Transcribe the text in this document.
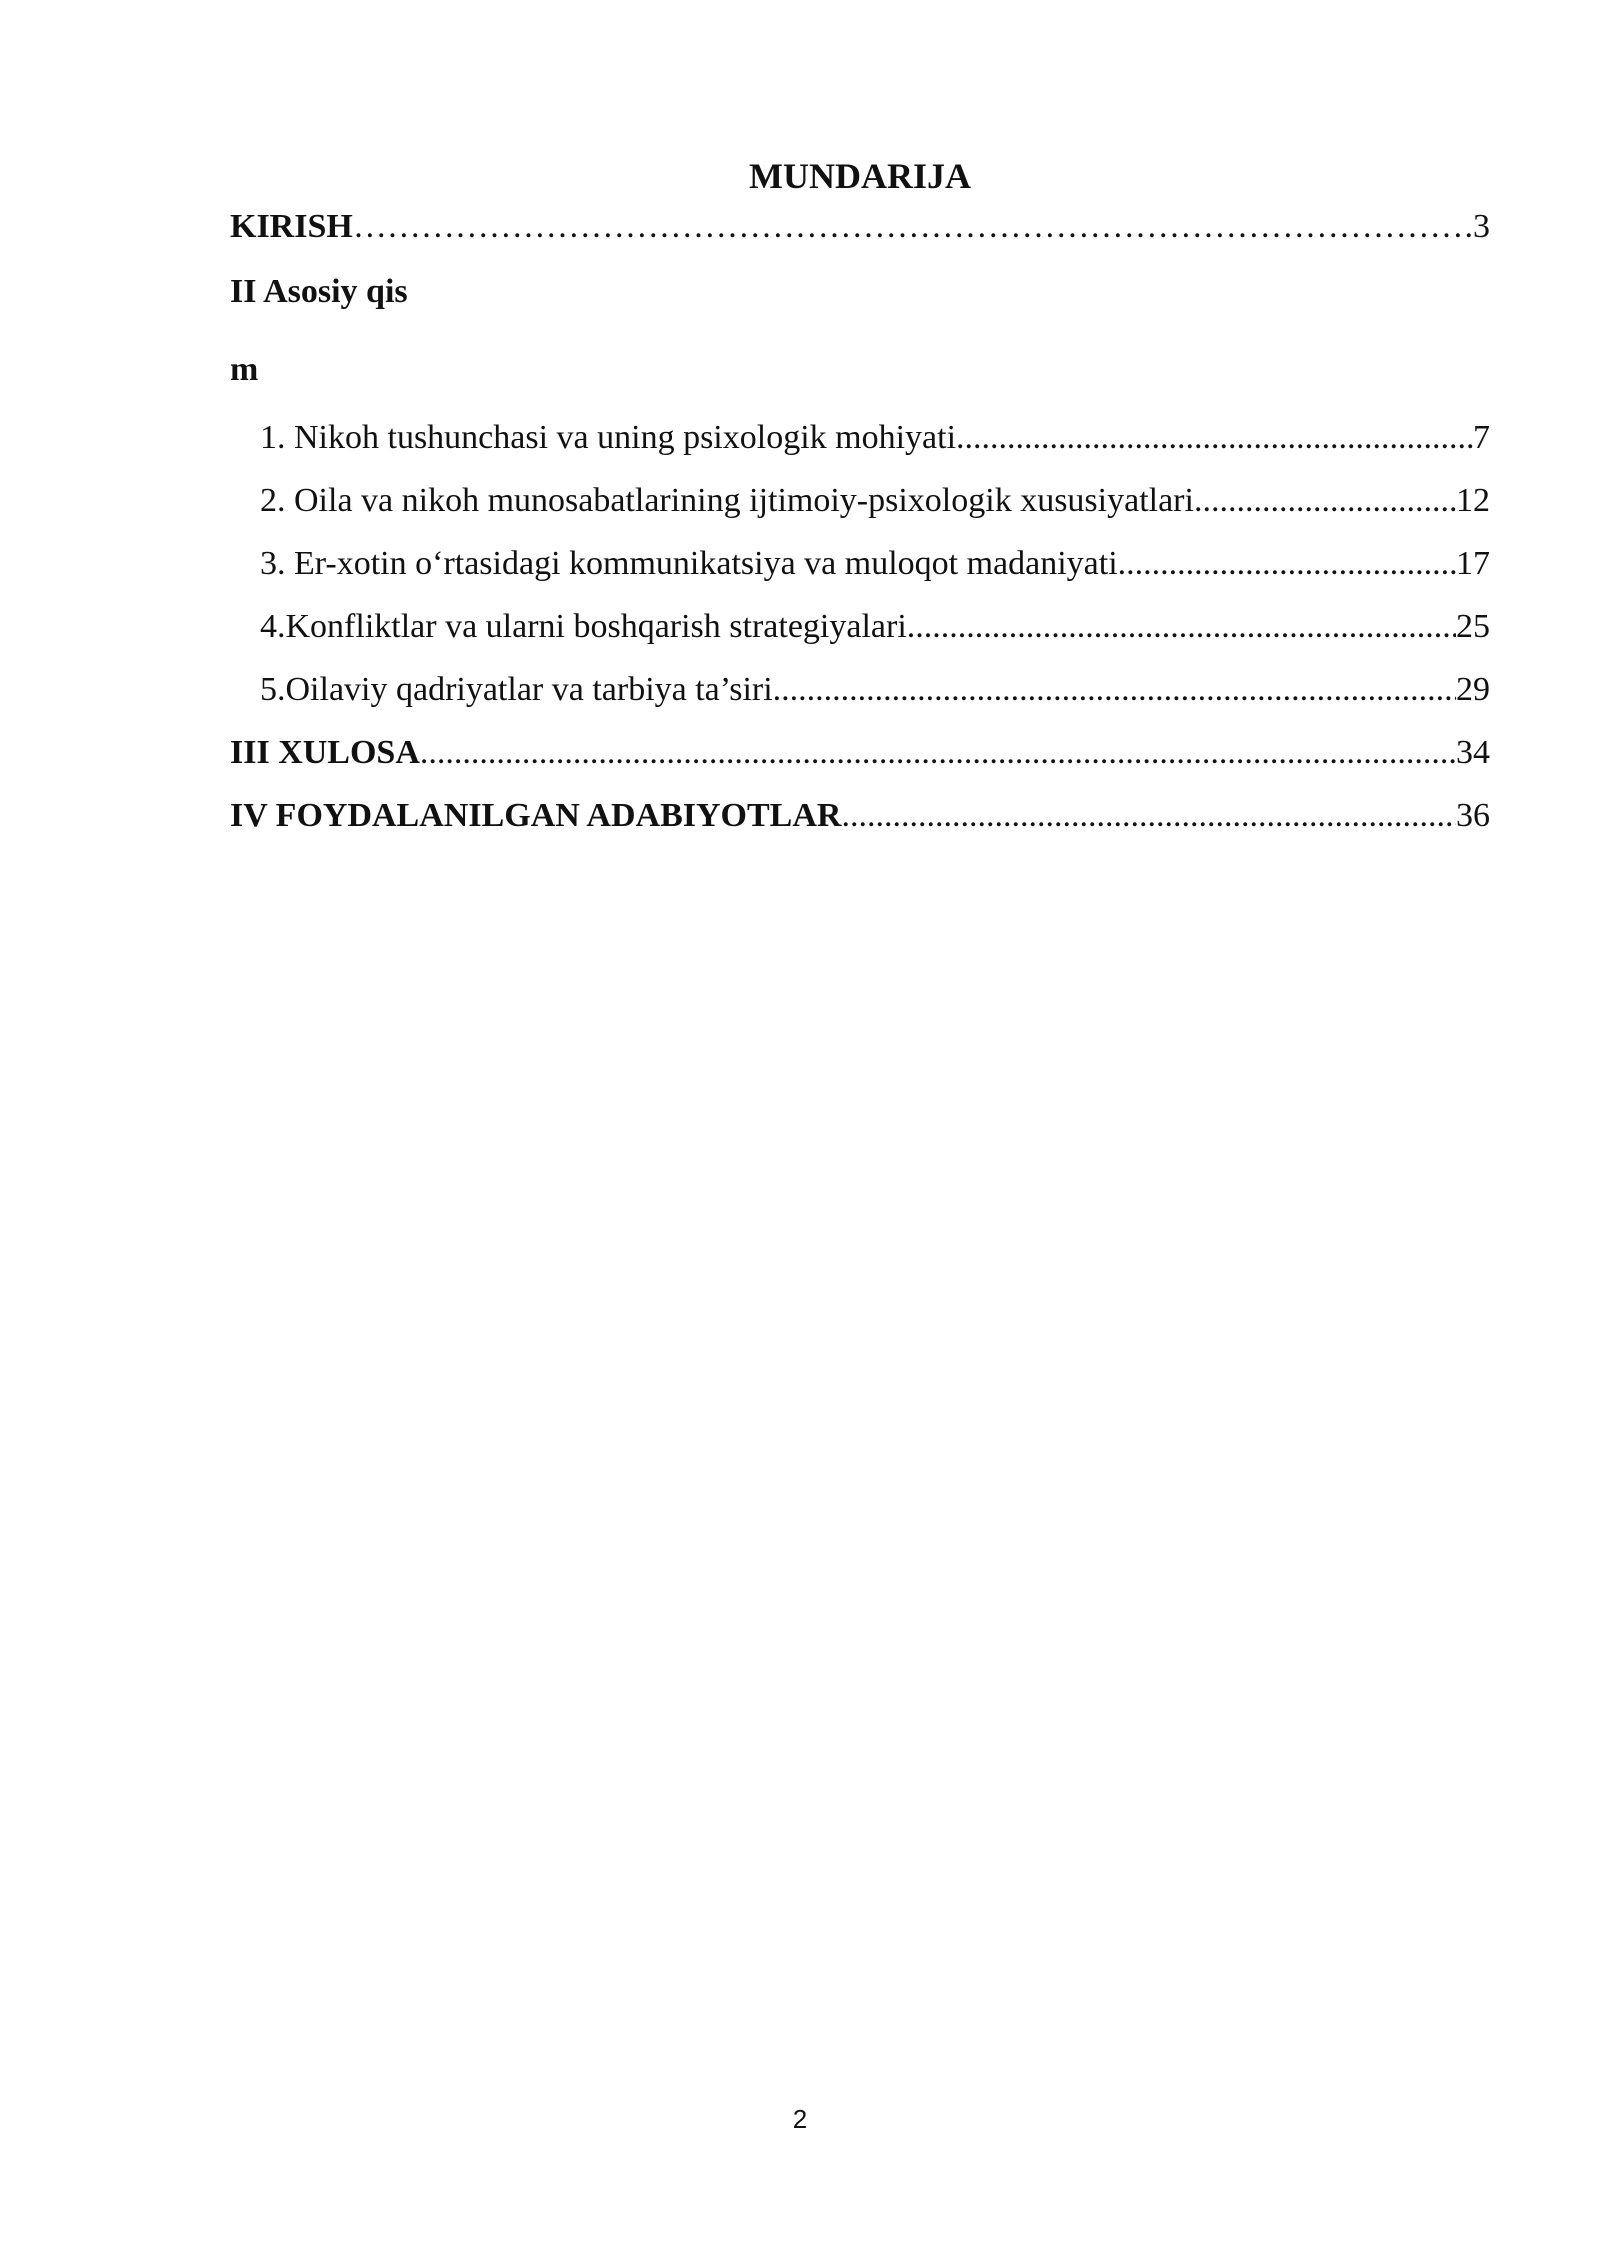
MUNDARIJA

KIRISH ……………………………………………………………………………………………………………………………………………………	.3
II Asosiy qis
m
1. Nikoh tushunchasi va uning psixologik mohiyati .....	7
2. Oila va nikoh munosabatlarining ijtimoiy-psixologik xususiyatlari .....	12
3. Er-xotin o‘rtasidagi kommunikatsiya va muloqot madaniyati .....	17
4.Konfliktlar va ularni boshqarish strategiyalari .....	25
5.Oilaviy qadriyatlar va tarbiya ta’siri .....	29
III XULOSA .....	34
IV FOYDALANILGAN ADABIYOTLAR .....	36
2
